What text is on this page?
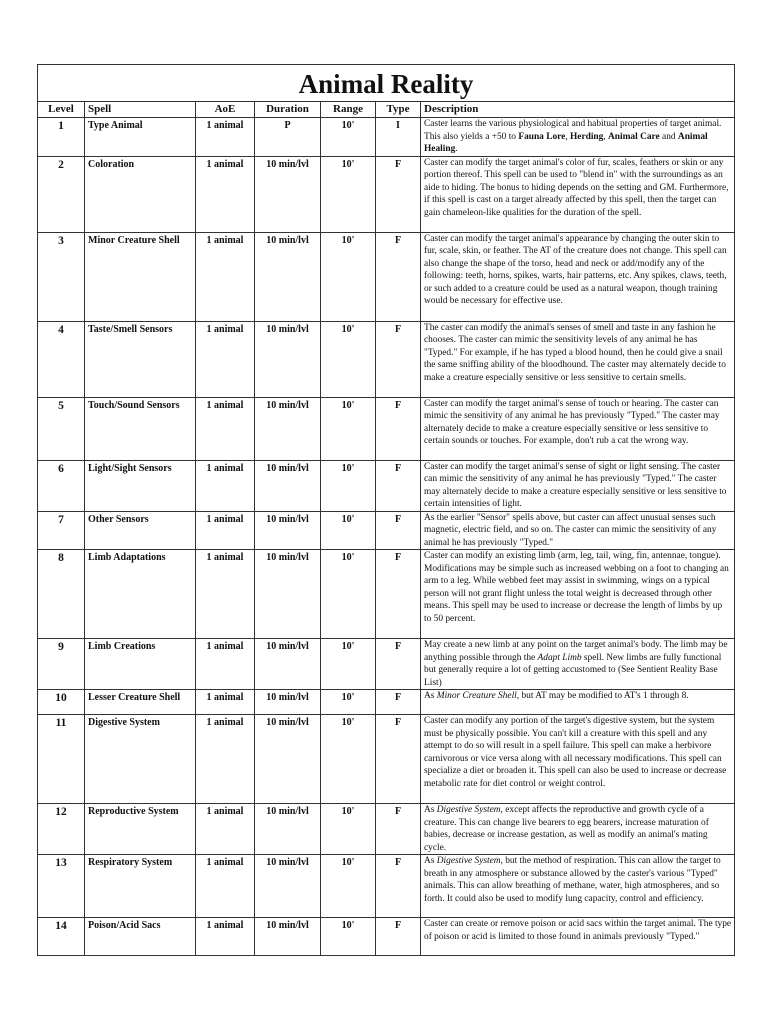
Animal Reality						
Level	Spell	AoE	Duration	Range	Type	Description
1	Type Animal	1 animal	P	10'	I	Caster learns the various physiological and habitual properties of target animal. This also yields a +50 to Fauna Lore, Herding, Animal Care and Animal Healing.
2	Coloration	1 animal	10 min/lvl	10'	F	Caster can modify the target animal's color of fur, scales, feathers or skin or any portion thereof. This spell can be used to "blend in" with the surroundings as an aide to hiding. The bonus to hiding depends on the setting and GM. Furthermore, if this spell is cast on a target already affected by this spell, then the target can gain chameleon-like qualities for the duration of the spell.
3	Minor Creature Shell	1 animal	10 min/lvl	10'	F	Caster can modify the target animal's appearance by changing the outer skin to fur, scale, skin, or feather. The AT of the creature does not change. This spell can also change the shape of the torso, head and neck or add/modify any of the following: teeth, horns, spikes, warts, hair patterns, etc. Any spikes, claws, teeth, or such added to a creature could be used as a natural weapon, though training would be necessary for effective use.
4	Taste/Smell Sensors	1 animal	10 min/lvl	10'	F	The caster can modify the animal's senses of smell and taste in any fashion he chooses. The caster can mimic the sensitivity levels of any animal he has "Typed." For example, if he has typed a blood hound, then he could give a snail the same sniffing ability of the bloodhound. The caster may alternately decide to make a creature especially sensitive or less sensitive to certain smells.
5	Touch/Sound Sensors	1 animal	10 min/lvl	10'	F	Caster can modify the target animal's sense of touch or hearing. The caster can mimic the sensitivity of any animal he has previously "Typed." The caster may alternately decide to make a creature especially sensitive or less sensitive to certain sounds or touches. For example, don't rub a cat the wrong way.
6	Light/Sight Sensors	1 animal	10 min/lvl	10'	F	Caster can modify the target animal's sense of sight or light sensing. The caster can mimic the sensitivity of any animal he has previously "Typed." The caster may alternately decide to make a creature especially sensitive or less sensitive to certain intensities of light.
7	Other Sensors	1 animal	10 min/lvl	10'	F	As the earlier "Sensor" spells above, but caster can affect unusual senses such magnetic, electric field, and so on. The caster can mimic the sensitivity of any animal he has previously "Typed."
8	Limb Adaptations	1 animal	10 min/lvl	10'	F	Caster can modify an existing limb (arm, leg, tail, wing, fin, antennae, tongue). Modifications may be simple such as increased webbing on a foot to changing an arm to a leg. While webbed feet may assist in swimming, wings on a typical person will not grant flight unless the total weight is decreased through other means. This spell may be used to increase or decrease the length of limbs by up to 50 percent.
9	Limb Creations	1 animal	10 min/lvl	10'	F	May create a new limb at any point on the target animal's body. The limb may be anything possible through the Adapt Limb spell. New limbs are fully functional but generally require a lot of getting accustomed to (See Sentient Reality Base List)
10	Lesser Creature Shell	1 animal	10 min/lvl	10'	F	As Minor Creature Shell, but AT may be modified to AT's 1 through 8.
11	Digestive System	1 animal	10 min/lvl	10'	F	Caster can modify any portion of the target's digestive system, but the system must be physically possible. You can't kill a creature with this spell and any attempt to do so will result in a spell failure. This spell can make a herbivore carnivorous or vice versa along with all necessary modifications. This spell can specialize a diet or broaden it. This spell can also be used to increase or decrease metabolic rate for diet control or weight control.
12	Reproductive System	1 animal	10 min/lvl	10'	F	As Digestive System, except affects the reproductive and growth cycle of a creature. This can change live bearers to egg bearers, increase maturation of babies, decrease or increase gestation, as well as modify an animal's mating cycle.
13	Respiratory System	1 animal	10 min/lvl	10'	F	As Digestive System, but the method of respiration. This can allow the target to breath in any atmosphere or substance allowed by the caster's various "Typed" animals. This can allow breathing of methane, water, high atmospheres, and so forth. It could also be used to modify lung capacity, control and efficiency.
14	Poison/Acid Sacs	1 animal	10 min/lvl	10'	F	Caster can create or remove poison or acid sacs within the target animal. The type of poison or acid is limited to those found in animals previously "Typed."
